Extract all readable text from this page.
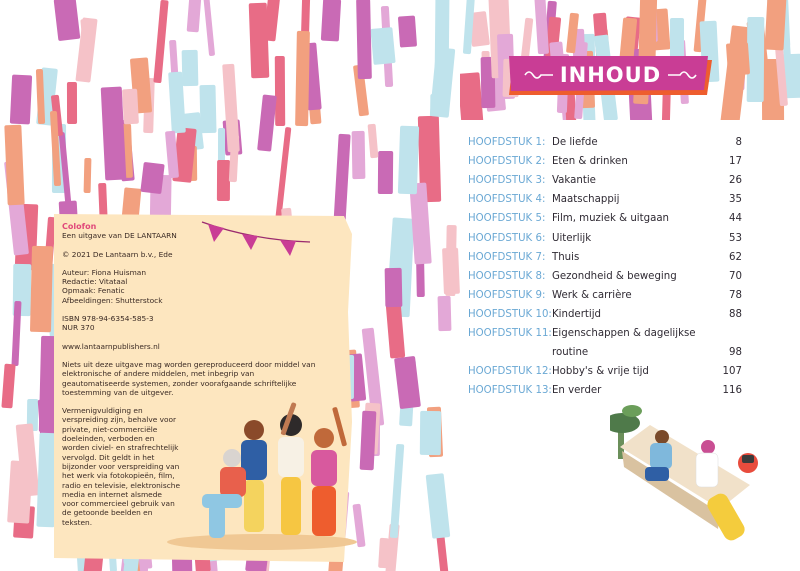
Colofon

Een uitgave van DE LANTAARN

© 2021 De Lantaarn b.v., Ede

Auteur: Fiona Huisman
Redactie: Vitataal
Opmaak: Fenatic
Afbeeldingen: Shutterstock

ISBN 978-94-6354-585-3
NUR 370

www.lantaarnpublishers.nl

Niets uit deze uitgave mag worden gereproduceerd door middel van elektronische of andere middelen, met inbegrip van geautomatiseerde systemen, zonder voorafgaande schriftelijke toestemming van de uitgever.

Vermenigvuldiging en verspreiding zijn, behalve voor private, niet-commerciële doeleinden, verboden en worden civiel- en strafrechtelijk vervolgd. Dit geldt in het bijzonder voor verspreiding van het werk via fotokopieën, film, radio en televisie, elektronische media en internet alsmede voor commercieel gebruik van de getoonde beelden en teksten.

INHOUD
HOOFDSTUK 1: De liefde	8
HOOFDSTUK 2: Eten & drinken	17
HOOFDSTUK 3: Vakantie	26
HOOFDSTUK 4: Maatschappij	35
HOOFDSTUK 5: Film, muziek & uitgaan	44
HOOFDSTUK 6: Uiterlijk	53
HOOFDSTUK 7: Thuis	62
HOOFDSTUK 8: Gezondheid & beweging	70
HOOFDSTUK 9: Werk & carrière	78
HOOFDSTUK 10: Kindertijd	88
HOOFDSTUK 11: Eigenschappen & dagelijkse
routine	98
HOOFDSTUK 12: Hobby's & vrije tijd	107
HOOFDSTUK 13: En verder	116
